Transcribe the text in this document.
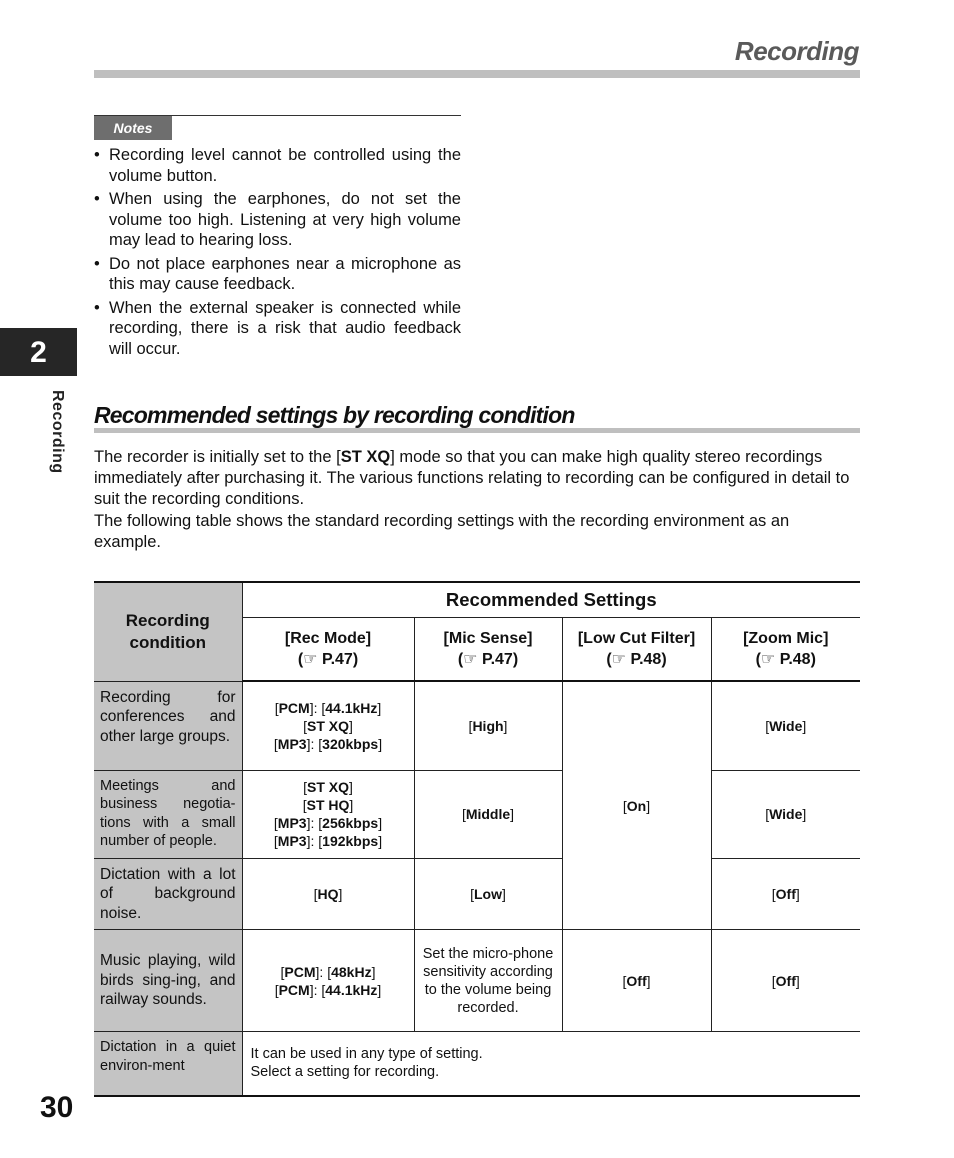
Recording
Notes
• Recording level cannot be controlled using the volume button.
• When using the earphones, do not set the volume too high. Listening at very high volume may lead to hearing loss.
• Do not place earphones near a microphone as this may cause feedback.
• When the external speaker is connected while recording, there is a risk that audio feedback will occur.
2
Recording Recommended settings by recording condition

The recorder is initially set to the [ST XQ] mode so that you can make high quality stereo recordings immediately after purchasing it. The various functions relating to recording can be configured in detail to suit the recording conditions.

The following table shows the standard recording settings with the recording environment as an example.

Recording condition	Recommended Settings			
	[Rec Mode]
(☞ P.47)	[Mic Sense]
(☞ P.47)	[Low Cut Filter]
(☞ P.48)	[Zoom Mic]
(☞ P.48)
Recording for conferences and other large groups.	[PCM]: [44.1kHz]
[ST XQ]
[MP3]: [320kbps]	[High]	[On]	[Wide]
Meetings and business negotia-tions with a small number of people.	[ST XQ]
[ST HQ]
[MP3]: [256kbps]
[MP3]: [192kbps]	[Middle]		[Wide]
Dictation with a lot of background noise.	[HQ]	[Low]		[Off]
Music playing, wild birds sing-ing, and railway sounds.	[PCM]: [48kHz]
[PCM]: [44.1kHz]	Set the micro-phone sensitivity according to the volume being recorded.	[Off]	[Off]
Dictation in a quiet environ-ment	It can be used in any type of setting.
Select a setting for recording.			
30
